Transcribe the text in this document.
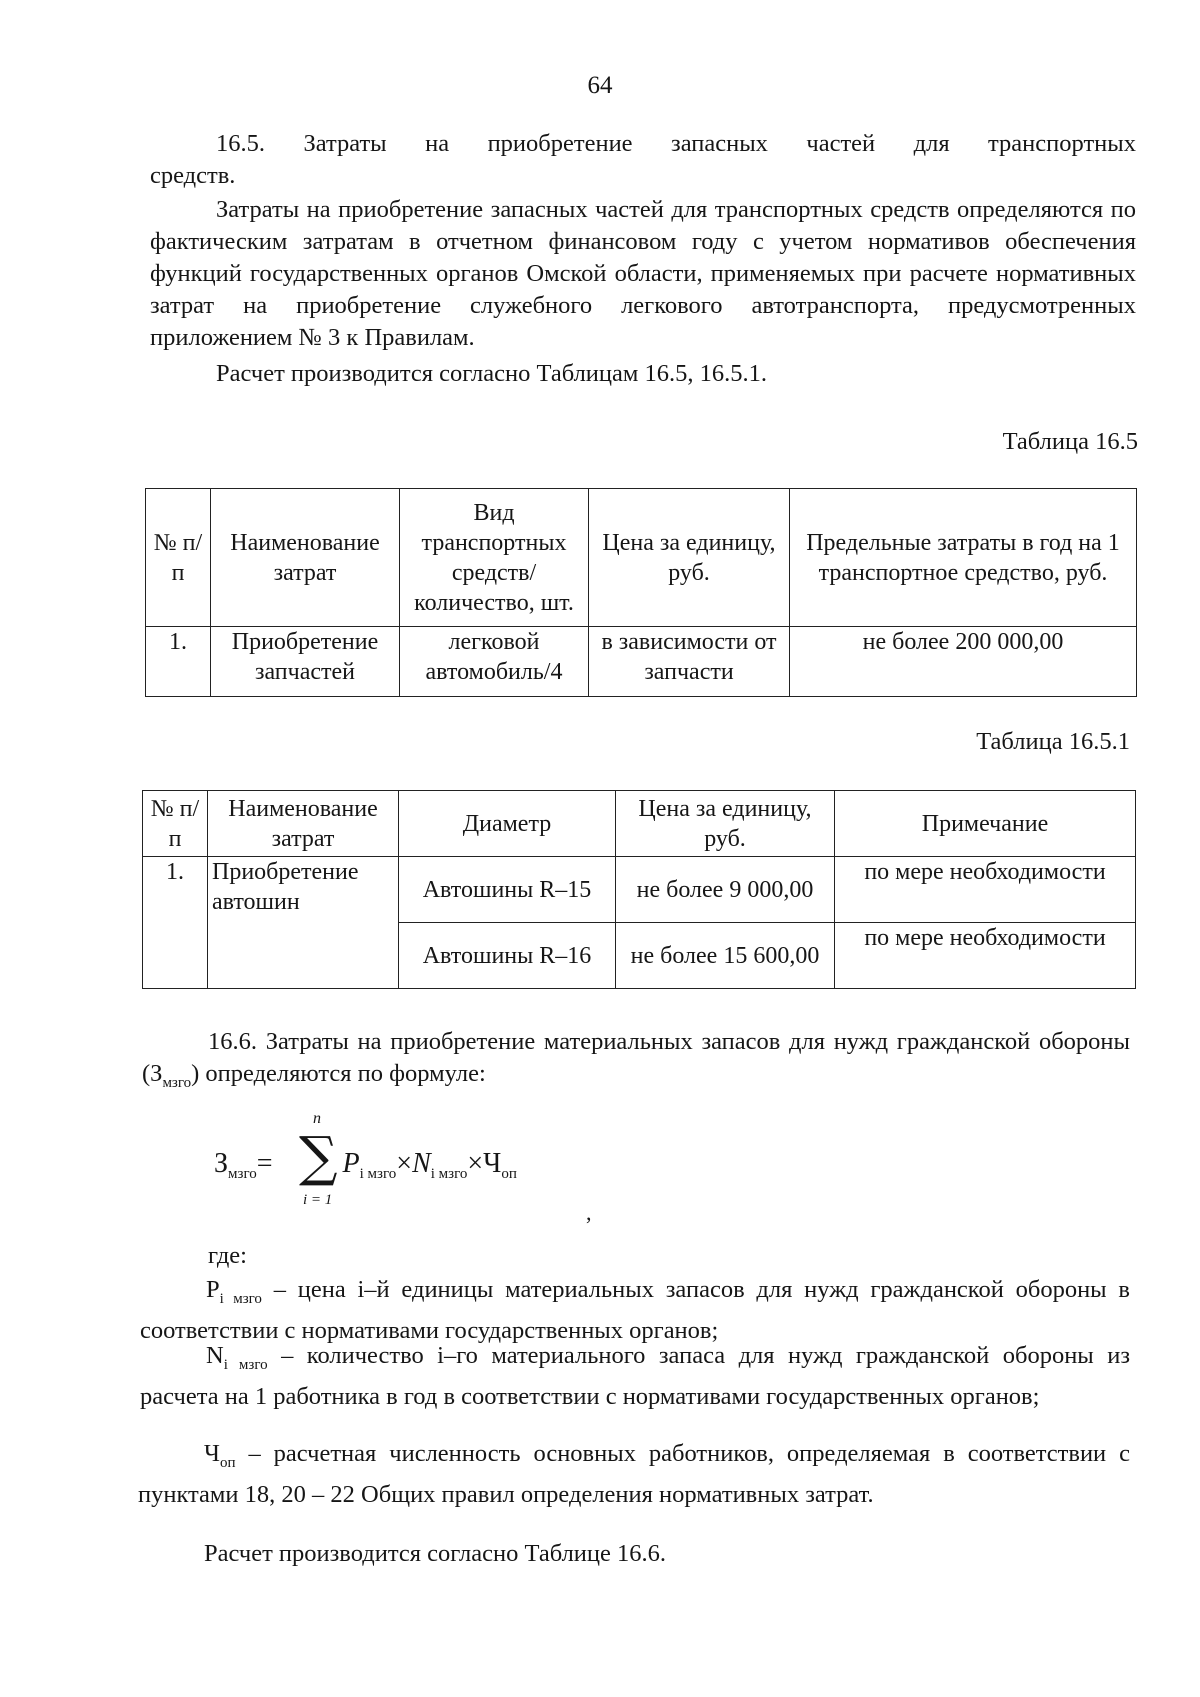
64
16.5. Затраты на приобретение запасных частей для транспортных
средств.
Затраты на приобретение запасных частей для транспортных средств определяются по фактическим затратам в отчетном финансовом году с учетом нормативов обеспечения функций государственных органов Омской области, применяемых при расчете нормативных затрат на приобретение служебного легкового автотранспорта, предусмотренных приложением № 3 к Правилам.
Расчет производится согласно Таблицам 16.5, 16.5.1.
Таблица 16.5
№ п/п	Наименование затрат	Вид транспортных средств/ количество, шт.	Цена за единицу, руб.	Предельные затраты в год на 1 транспортное средство, руб.
1.	Приобретение запчастей	легковой автомобиль/4	в зависимости от запчасти	не более 200 000,00
Таблица 16.5.1
№ п/п	Наименование затрат	Диаметр	Цена за единицу, руб.	Примечание
1.	Приобретение автошин	Автошины R–15	не более 9 000,00	по мере необходимости
		Автошины R–16	не более 15 600,00	по мере необходимости
16.6. Затраты на приобретение материальных запасов для нужд гражданской обороны $(З_{мзго})$ определяются по формуле:
$З_{мзго}=$	$P_{i мзго}\times N_{i мзго}\times Ч_{оп}$
n
∑
i = 1	,
где:
$P_{i мзго}$ – цена i–й единицы материальных запасов для нужд гражданской обороны в соответствии с нормативами государственных органов;
$N_{i мзго}$ – количество i–го материального запаса для нужд гражданской обороны из расчета на 1 работника в год в соответствии с нормативами государственных органов;
$Ч_{оп}$ – расчетная численность основных работников, определяемая в соответствии с пунктами 18, 20 – 22 Общих правил определения нормативных затрат.
Расчет производится согласно Таблице 16.6.
